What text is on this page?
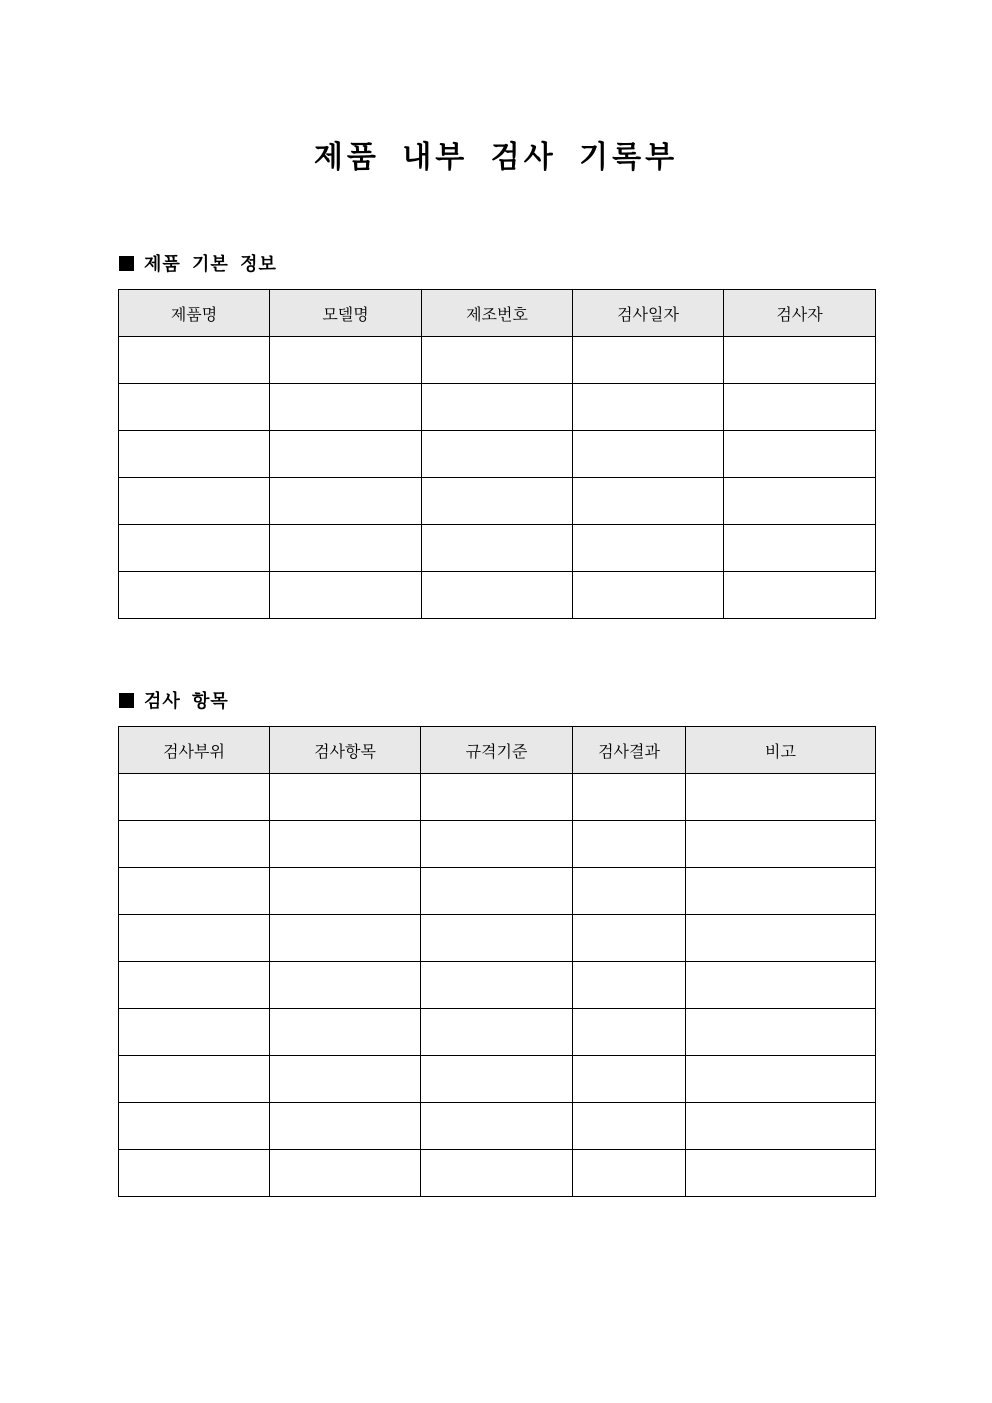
제품 내부 검사 기록부
제품 기본 정보
제품명	모델명	제조번호	검사일자	검사자

검사 항목
검사부위	검사항목	규격기준	검사결과	비고
